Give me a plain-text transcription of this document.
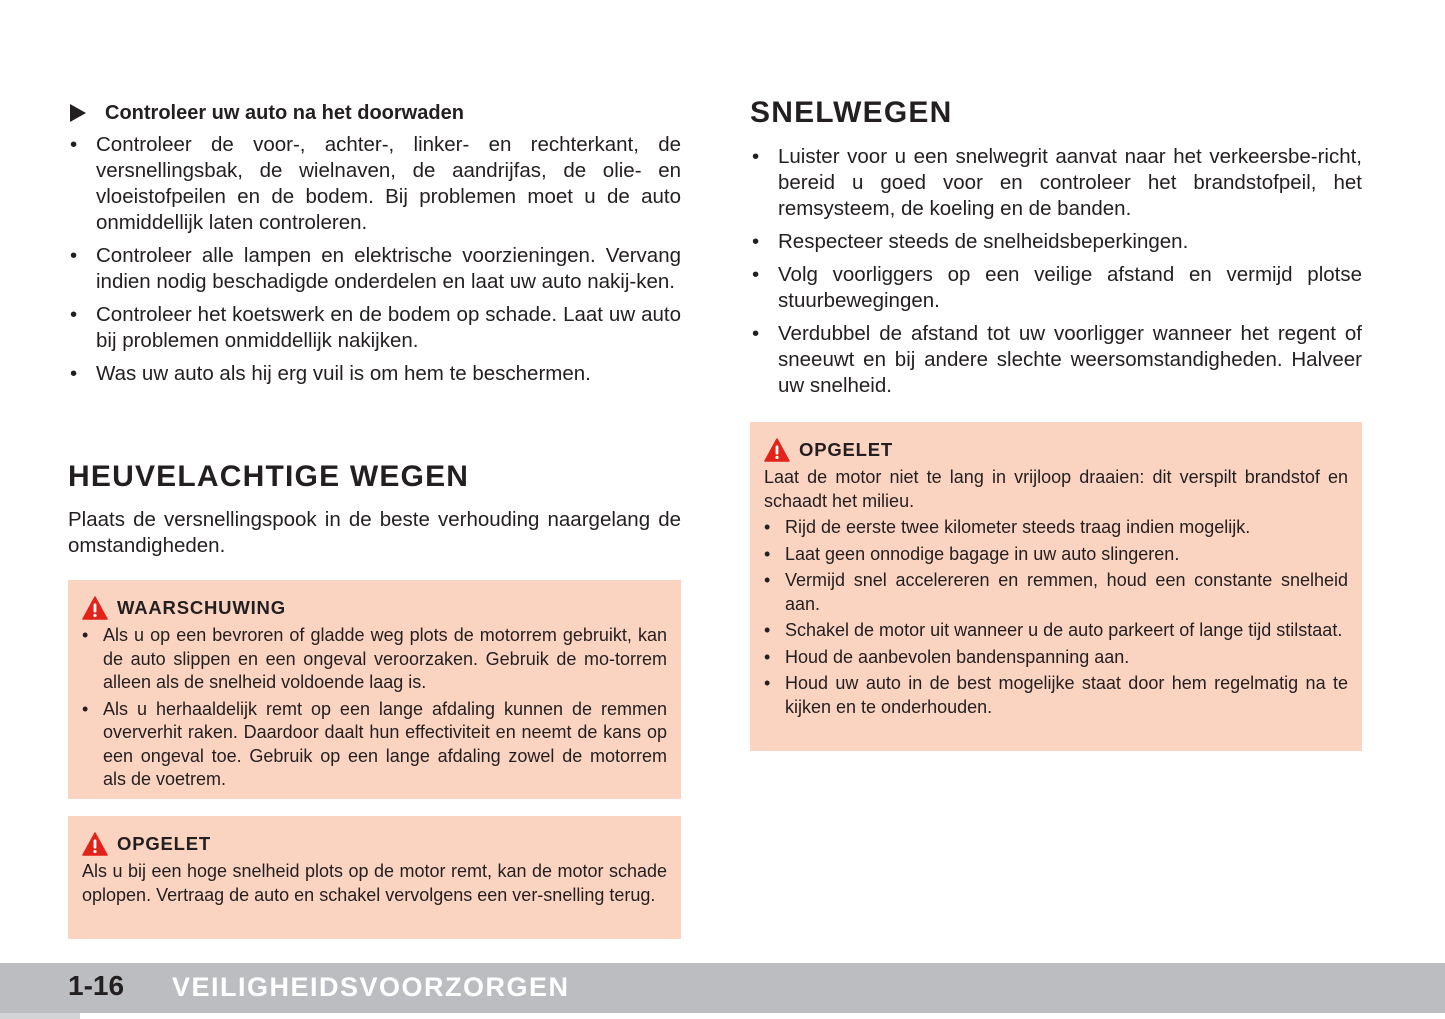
Controleer uw auto na het doorwaden
• Controleer de voor-, achter-, linker- en rechterkant, de versnellingsbak, de wielnaven, de aandrijfas, de olie- en vloeistofpeilen en de bodem. Bij problemen moet u de auto onmiddellijk laten controleren.
• Controleer alle lampen en elektrische voorzieningen. Vervang indien nodig beschadigde onderdelen en laat uw auto nakij-ken.
• Controleer het koetswerk en de bodem op schade. Laat uw auto bij problemen onmiddellijk nakijken.
• Was uw auto als hij erg vuil is om hem te beschermen.
HEUVELACHTIGE WEGEN

Plaats de versnellingspook in de beste verhouding naargelang de omstandigheden.

WAARSCHUWING
• Als u op een bevroren of gladde weg plots de motorrem gebruikt, kan de auto slippen en een ongeval veroorzaken. Gebruik de mo-torrem alleen als de snelheid voldoende laag is.
• Als u herhaaldelijk remt op een lange afdaling kunnen de remmen oververhit raken. Daardoor daalt hun effectiviteit en neemt de kans op een ongeval toe. Gebruik op een lange afdaling zowel de motorrem als de voetrem.
OPGELET

Als u bij een hoge snelheid plots op de motor remt, kan de motor schade oplopen. Vertraag de auto en schakel vervolgens een ver-snelling terug.

SNELWEGEN
• Luister voor u een snelwegrit aanvat naar het verkeersbe-richt, bereid u goed voor en controleer het brandstofpeil, het remsysteem, de koeling en de banden.
• Respecteer steeds de snelheidsbeperkingen.
• Volg voorliggers op een veilige afstand en vermijd plotse stuurbewegingen.
• Verdubbel de afstand tot uw voorligger wanneer het regent of sneeuwt en bij andere slechte weersomstandigheden. Halveer uw snelheid.
OPGELET

Laat de motor niet te lang in vrijloop draaien: dit verspilt brandstof en schaadt het milieu.

• Rijd de eerste twee kilometer steeds traag indien mogelijk.
• Laat geen onnodige bagage in uw auto slingeren.
• Vermijd snel accelereren en remmen, houd een constante snelheid aan.
• Schakel de motor uit wanneer u de auto parkeert of lange tijd stilstaat.
• Houd de aanbevolen bandenspanning aan.
• Houd uw auto in de best mogelijke staat door hem regelmatig na te kijken en te onderhouden.
1-16 VEILIGHEIDSVOORZORGEN
